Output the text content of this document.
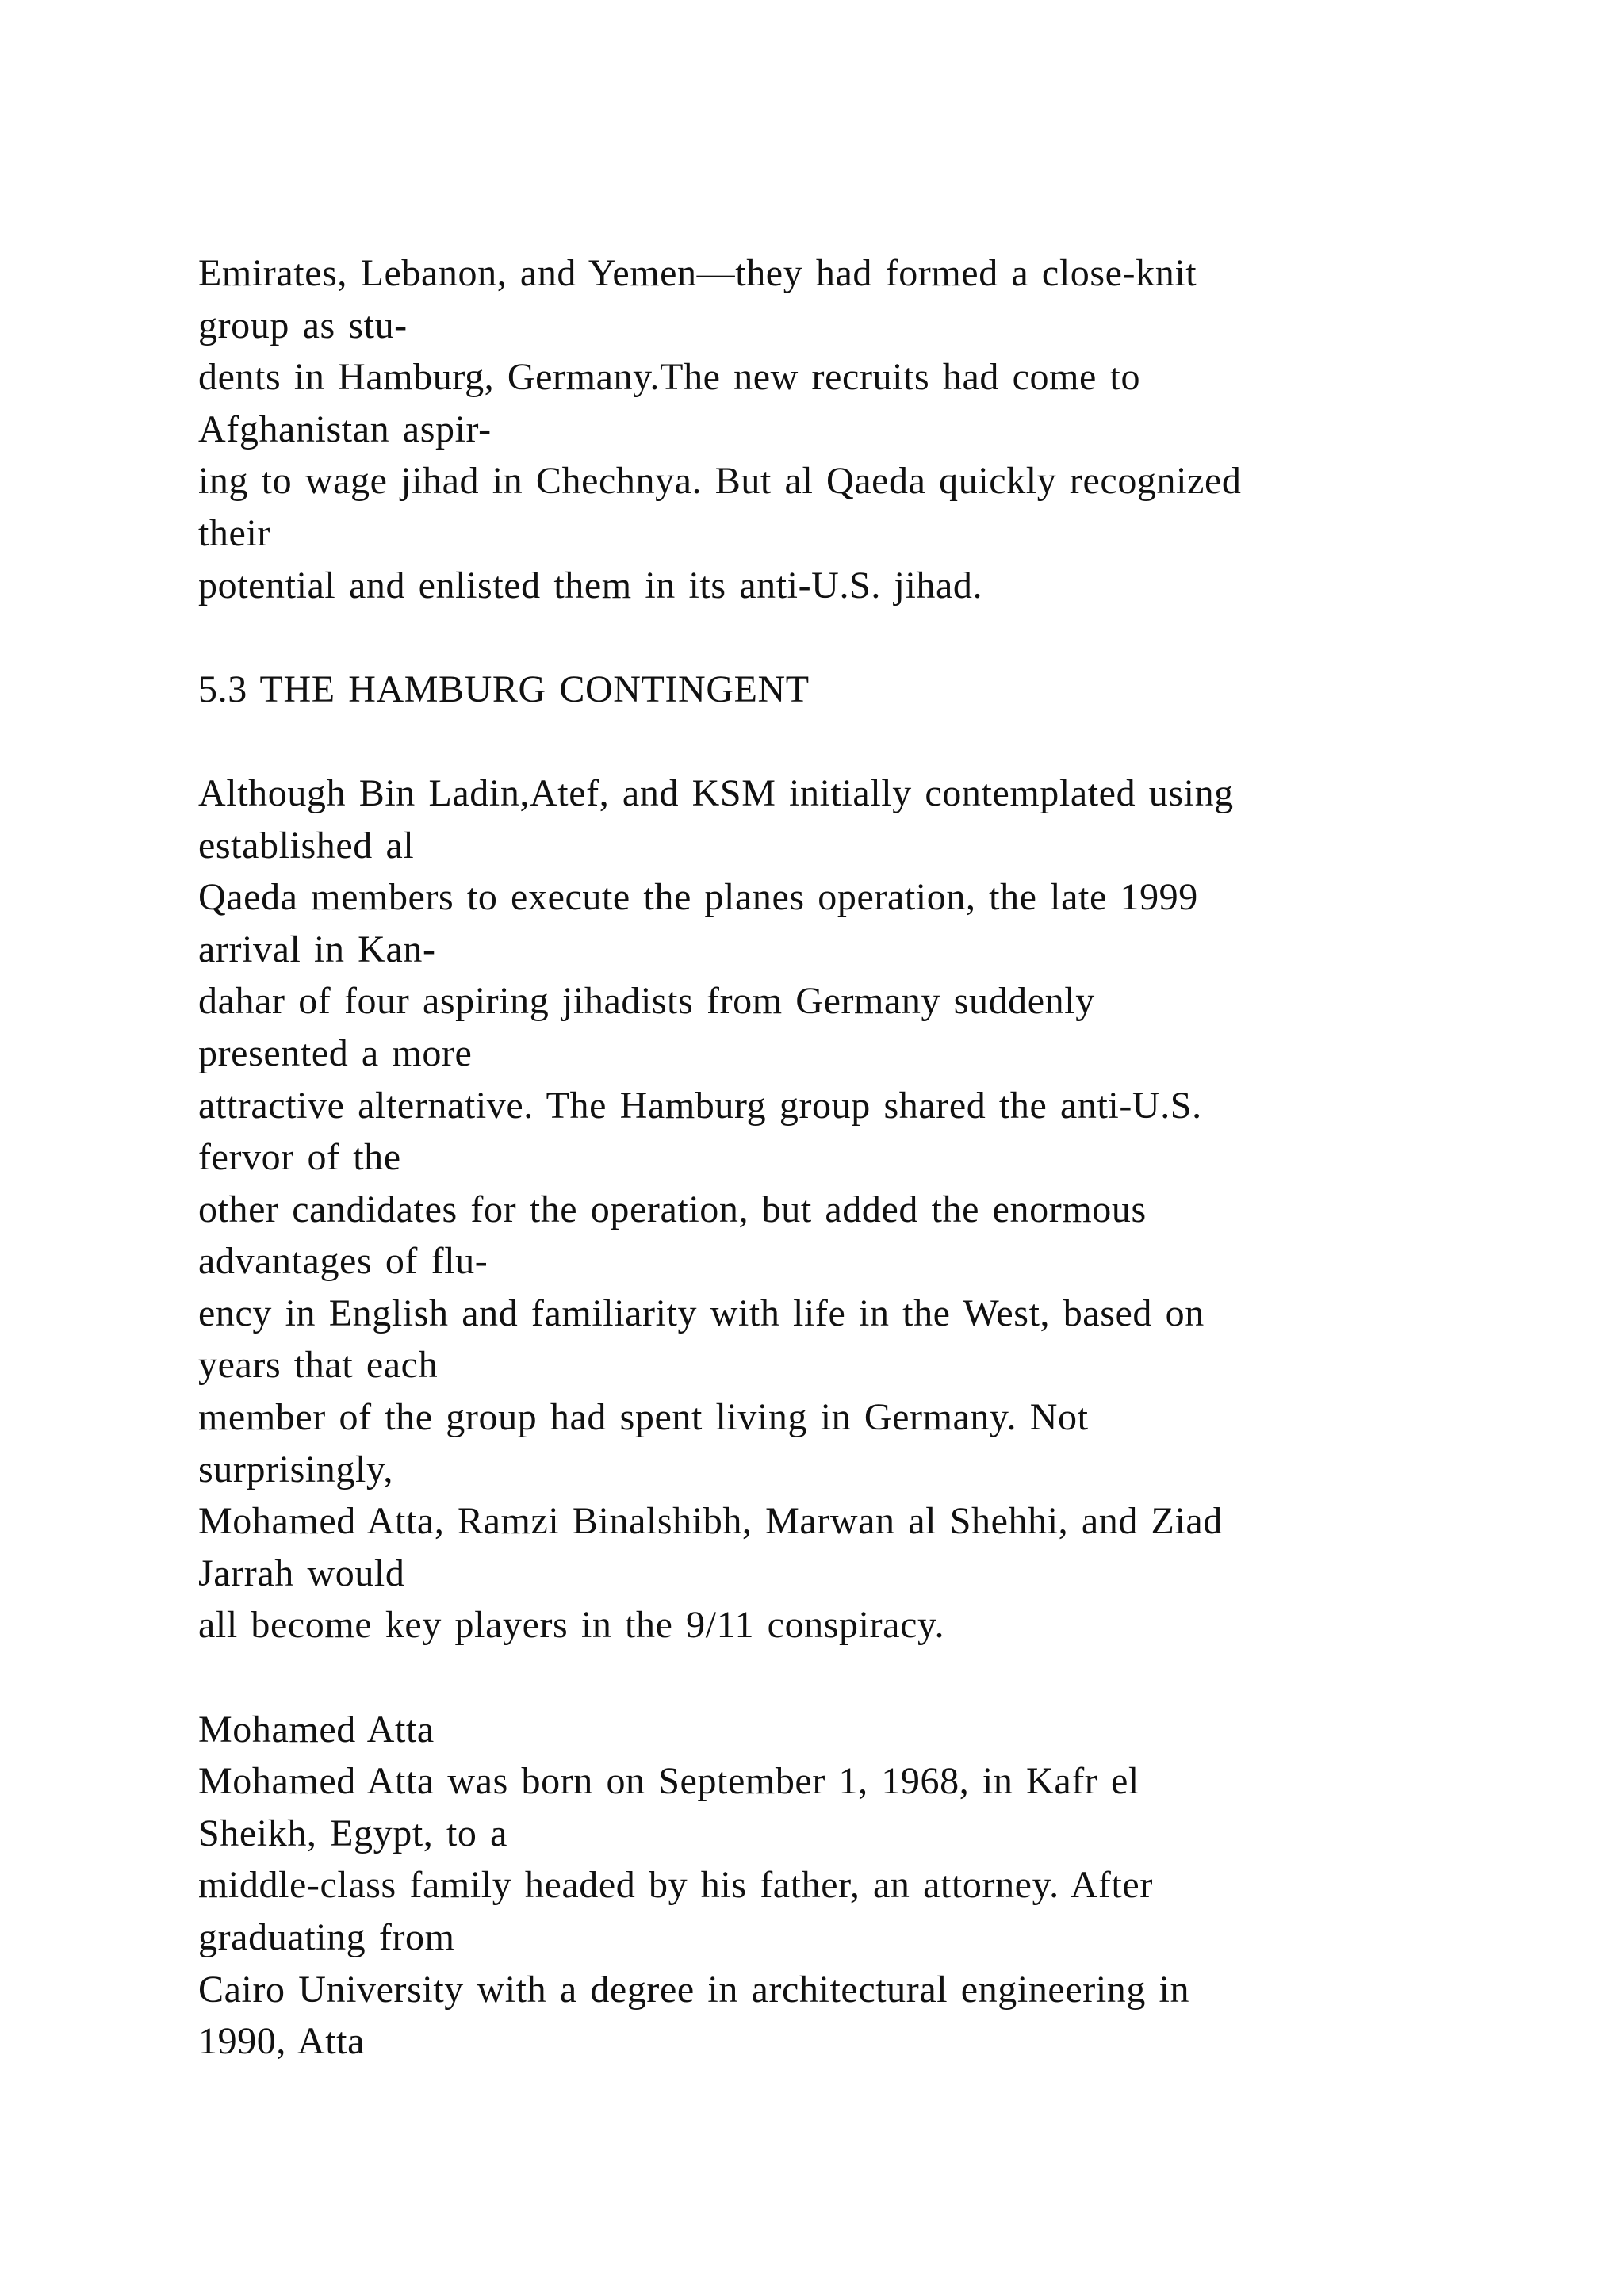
Emirates, Lebanon, and Yemen—they had formed a close-knit
group as stu-
dents in Hamburg, Germany.The new recruits had come to
Afghanistan aspir-
ing to wage jihad in Chechnya. But al Qaeda quickly recognized
their
potential and enlisted them in its anti-U.S. jihad.
5.3 THE HAMBURG CONTINGENT
Although Bin Ladin,Atef, and KSM initially contemplated using
established al
Qaeda members to execute the planes operation, the late 1999
arrival in Kan-
dahar of four aspiring jihadists from Germany suddenly
presented a more
attractive alternative. The Hamburg group shared the anti-U.S.
fervor of the
other candidates for the operation, but added the enormous
advantages of flu-
ency in English and familiarity with life in the West, based on
years that each
member of the group had spent living in Germany. Not
surprisingly,
Mohamed Atta, Ramzi Binalshibh, Marwan al Shehhi, and Ziad
Jarrah would
all become key players in the 9/11 conspiracy.
Mohamed Atta
Mohamed Atta was born on September 1, 1968, in Kafr el
Sheikh, Egypt, to a
middle-class family headed by his father, an attorney. After
graduating from
Cairo University with a degree in architectural engineering in
1990, Atta
